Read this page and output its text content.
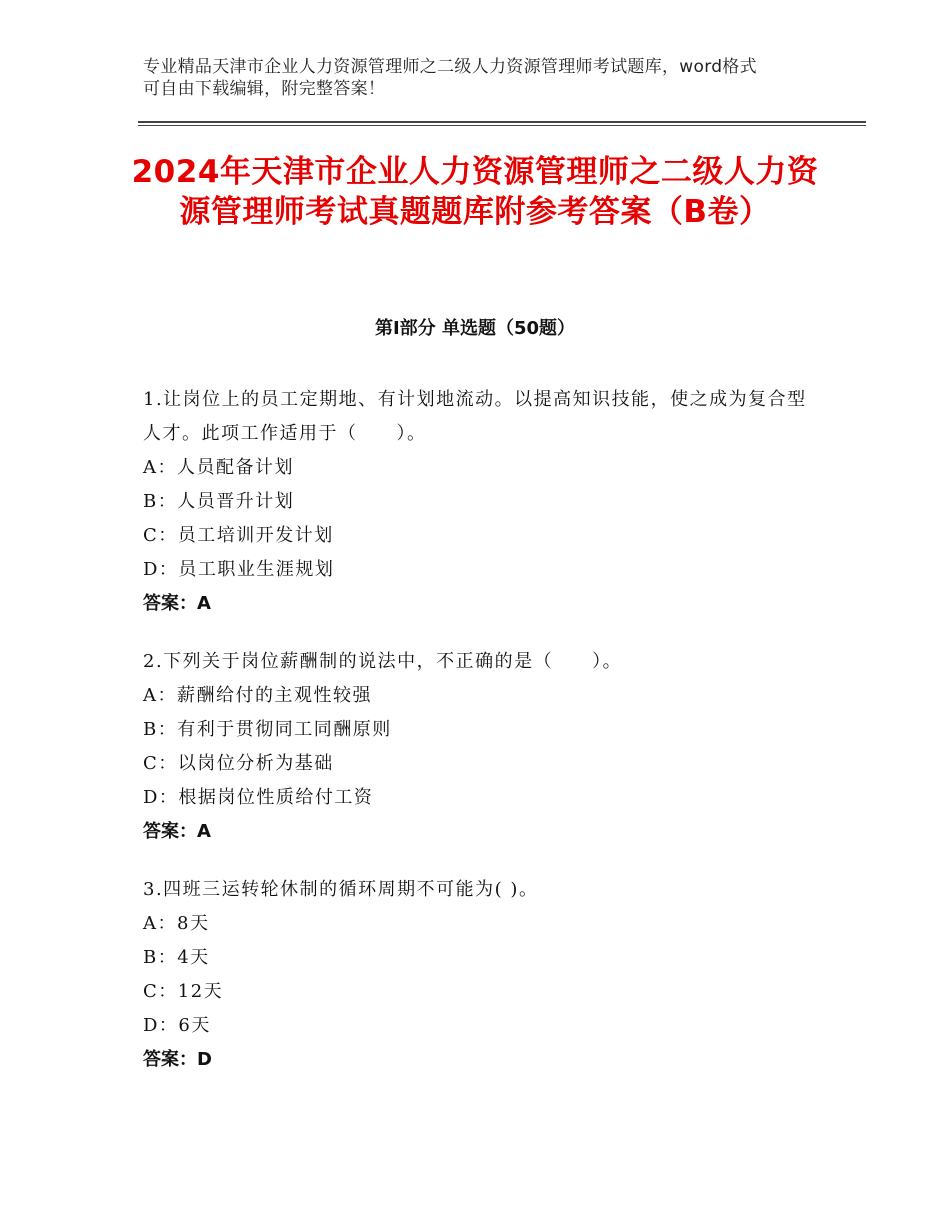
专业精品天津市企业人力资源管理师之二级人力资源管理师考试题库，word格式
可自由下载编辑，附完整答案！
2024年天津市企业人力资源管理师之二级人力资源管理师考试真题题库附参考答案（B卷）
第Ⅰ部分 单选题（50题）

1.让岗位上的员工定期地、有计划地流动。以提高知识技能，使之成为复合型人才。此项工作适用于（　　）。

A：人员配备计划

B：人员晋升计划

C：员工培训开发计划

D：员工职业生涯规划

答案：A

2.下列关于岗位薪酬制的说法中，不正确的是（　　）。

A：薪酬给付的主观性较强

B：有利于贯彻同工同酬原则

C：以岗位分析为基础

D：根据岗位性质给付工资

答案：A

3.四班三运转轮休制的循环周期不可能为( )。

A：8天

B：4天

C：12天

D：6天

答案：D
